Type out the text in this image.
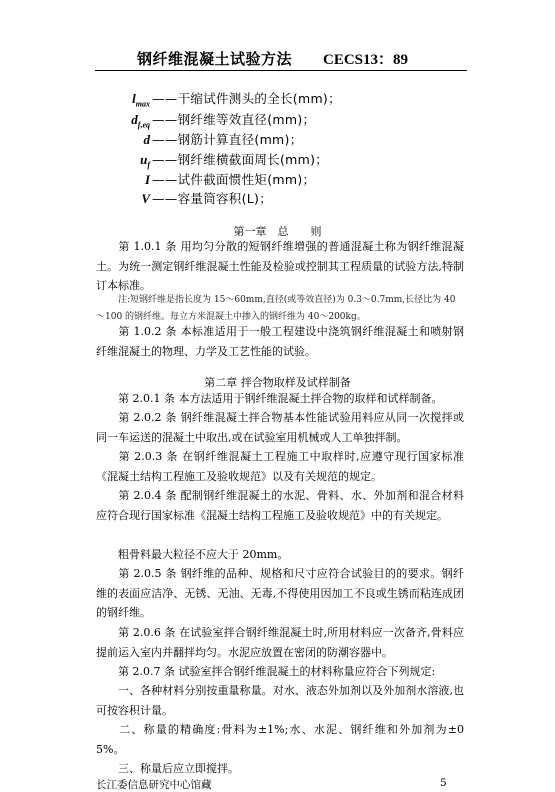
钢纤维混凝土试验方法 CECS13：89
$l_{max}$ ——干缩试件测头的全长(mm)；
$d_{f,eq}$ ——钢纤维等效直径(mm)；
d ——钢筋计算直径(mm)；
$u_f$ ——钢纤维横截面周长(mm)；
I ——试件截面惯性矩(mm)；
V ——容量筒容积(L)；
第一章　总　　则

第 1.0.1 条 用均匀分散的短钢纤维增强的普通混凝土称为钢纤维混凝土。为统一测定钢纤维混凝土性能及检验或控制其工程质量的试验方法,特制订本标准。

注:短钢纤维是指长度为 15～60mm,直径(或等效直径)为 0.3～0.7mm,长径比为 40～100 的钢纤维。每立方米混凝土中掺入的钢纤维为 40～200kg。

第 1.0.2 条 本标准适用于一般工程建设中浇筑钢纤维混凝土和喷射钢纤维混凝土的物理、力学及工艺性能的试验。

第二章 拌合物取样及试样制备

第 2.0.1 条 本方法适用于钢纤维混凝土拌合物的取样和试样制备。

第 2.0.2 条 钢纤维混凝土拌合物基本性能试验用料应从同一次搅拌或同一车运送的混凝土中取出,或在试验室用机械或人工单独拌制。

第 2.0.3 条 在钢纤维混凝土工程施工中取样时,应遵守现行国家标准《混凝土结构工程施工及验收规范》以及有关规范的规定。

第 2.0.4 条 配制钢纤维混凝土的水泥、骨料、水、外加剂和混合材料应符合现行国家标准《混凝土结构工程施工及验收规范》中的有关规定。

粗骨料最大粒径不应大于 20mm。

第 2.0.5 条 钢纤维的品种、规格和尺寸应符合试验目的的要求。钢纤维的表面应洁净、无锈、无油、无毒,不得使用因加工不良或生锈而粘连成团的钢纤维。

第 2.0.6 条 在试验室拌合钢纤维混凝土时,所用材料应一次备齐,骨料应提前运入室内并翻拌均匀。水泥应放置在密闭的防潮容器中。

第 2.0.7 条 试验室拌合钢纤维混凝土的材料称量应符合下列规定:

一、各种材料分别按重量称量。对水、液态外加剂以及外加剂水溶液,也可按容积计量。

二、称量的精确度:骨料为±1%;水、水泥、钢纤维和外加剂为±0 5%。

三、称量后应立即搅拌。

长江委信息研究中心馆藏	5
